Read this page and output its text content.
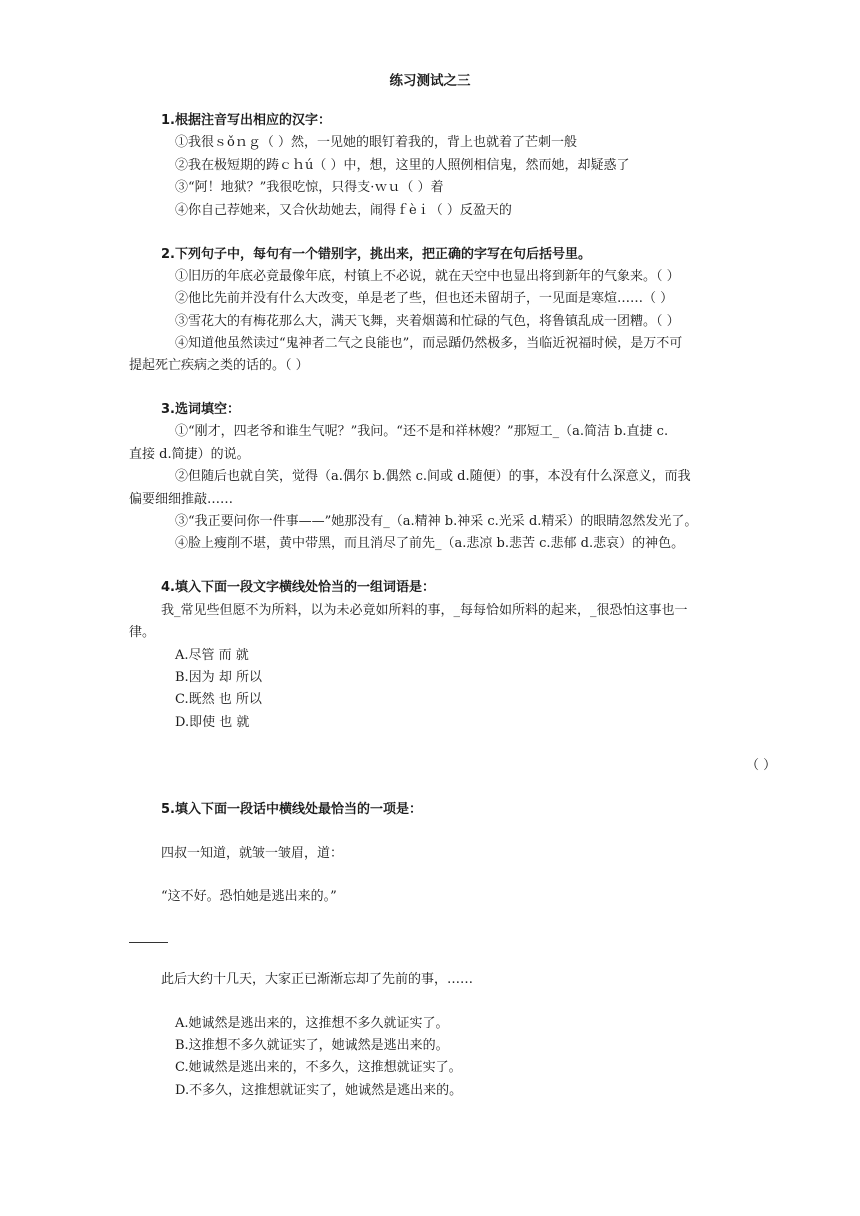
练习测试之三
1.根据注音写出相应的汉字：
①我很ｓǒｎｇ（ ）然，一见她的眼钉着我的，背上也就着了芒刺一般
②我在极短期的踌ｃｈú（ ）中，想，这里的人照例相信鬼，然而她，却疑惑了
③“阿！地狱？”我很吃惊，只得支·ｗｕ（ ）着
④你自己荐她来，又合伙劫她去，闹得ｆèｉ（ ）反盈天的
2.下列句子中，每句有一个错别字，挑出来，把正确的字写在句后括号里。
①旧历的年底必竟最像年底，村镇上不必说，就在天空中也显出将到新年的气象来。（ ）
②他比先前并没有什么大改变，单是老了些，但也还未留胡子，一见面是寒煊……（ ）
③雪花大的有梅花那么大，满天飞舞，夹着烟蔼和忙碌的气色，将鲁镇乱成一团糟。（ ）
④知道他虽然读过“鬼神者二气之良能也”，而忌踲仍然极多，当临近祝福时候，是万不可
提起死亡疾病之类的话的。（ ）
3.选词填空：
①“刚才，四老爷和谁生气呢？”我问。“还不是和祥林嫂？”那短工_（a.简洁 b.直捷 c.
直接 d.简捷）的说。
②但随后也就自笑，觉得（a.偶尔 b.偶然 c.间或 d.随便）的事，本没有什么深意义，而我
偏要细细推敲……
③“我正要问你一件事——”她那没有_（a.精神 b.神采 c.光采 d.精采）的眼睛忽然发光了。
④脸上瘦削不堪，黄中带黑，而且消尽了前先_（a.悲凉 b.悲苦 c.悲郁 d.悲哀）的神色。
4.填入下面一段文字横线处恰当的一组词语是：
我_常见些但愿不为所料，以为未必竟如所料的事，_每每恰如所料的起来，_很恐怕这事也一
律。
A.尽管 而 就
B.因为 却 所以
C.既然 也 所以
D.即使 也 就
（ ）
5.填入下面一段话中横线处最恰当的一项是：
四叔一知道，就皱一皱眉，道：
“这不好。恐怕她是逃出来的。”
此后大约十几天，大家正已渐渐忘却了先前的事，……
A.她诚然是逃出来的，这推想不多久就证实了。
B.这推想不多久就证实了，她诚然是逃出来的。
C.她诚然是逃出来的，不多久，这推想就证实了。
D.不多久，这推想就证实了，她诚然是逃出来的。
